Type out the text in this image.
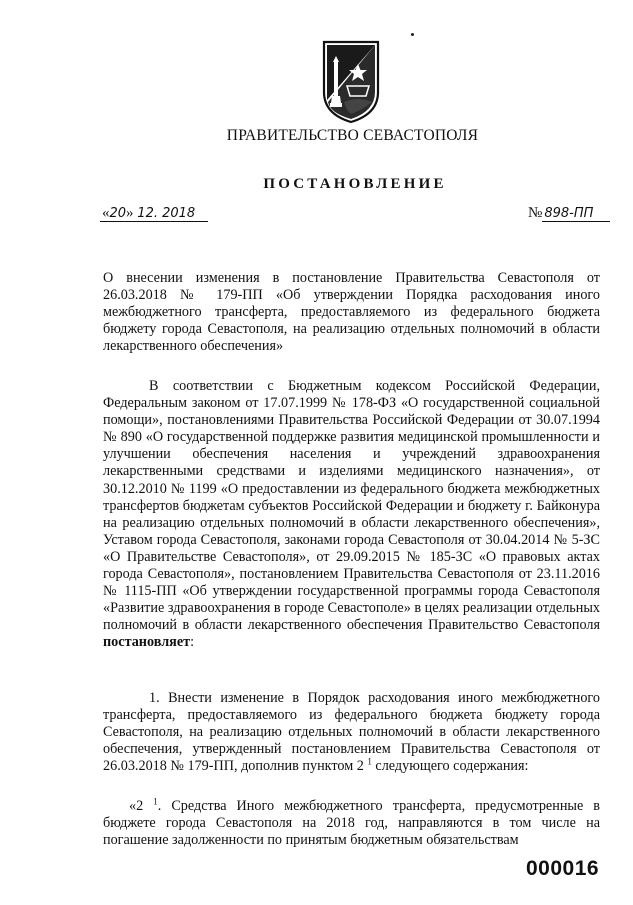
ПРАВИТЕЛЬСТВО СЕВАСТОПОЛЯ
ПОСТАНОВЛЕНИЕ
«20» 12. 2018	№ 898-ПП
О внесении изменения в постановление Правительства Севастополя от 26.03.2018 № 179-ПП «Об утверждении Порядка расходования иного межбюджетного трансферта, предоставляемого из федерального бюджета бюджету города Севастополя, на реализацию отдельных полномочий в области лекарственного обеспечения»
В соответствии с Бюджетным кодексом Российской Федерации, Федеральным законом от 17.07.1999 № 178-ФЗ «О государственной социальной помощи», постановлениями Правительства Российской Федерации от 30.07.1994 № 890 «О государственной поддержке развития медицинской промышленности и улучшении обеспечения населения и учреждений здравоохранения лекарственными средствами и изделиями медицинского назначения», от 30.12.2010 № 1199 «О предоставлении из федерального бюджета межбюджетных трансфертов бюджетам субъектов Российской Федерации и бюджету г. Байконура на реализацию отдельных полномочий в области лекарственного обеспечения», Уставом города Севастополя, законами города Севастополя от 30.04.2014 № 5-ЗС «О Правительстве Севастополя», от 29.09.2015 № 185-ЗС «О правовых актах города Севастополя», постановлением Правительства Севастополя от 23.11.2016 № 1115-ПП «Об утверждении государственной программы города Севастополя «Развитие здравоохранения в городе Севастополе» в целях реализации отдельных полномочий в области лекарственного обеспечения Правительство Севастополя постановляет:
1. Внести изменение в Порядок расходования иного межбюджетного трансферта, предоставляемого из федерального бюджета бюджету города Севастополя, на реализацию отдельных полномочий в области лекарственного обеспечения, утвержденный постановлением Правительства Севастополя от 26.03.2018 № 179-ПП, дополнив пунктом 2 $^1$ следующего содержания:
«2 $^1$. Средства Иного межбюджетного трансферта, предусмотренные в бюджете города Севастополя на 2018 год, направляются в том числе на погашение задолженности по принятым бюджетным обязательствам
000016
